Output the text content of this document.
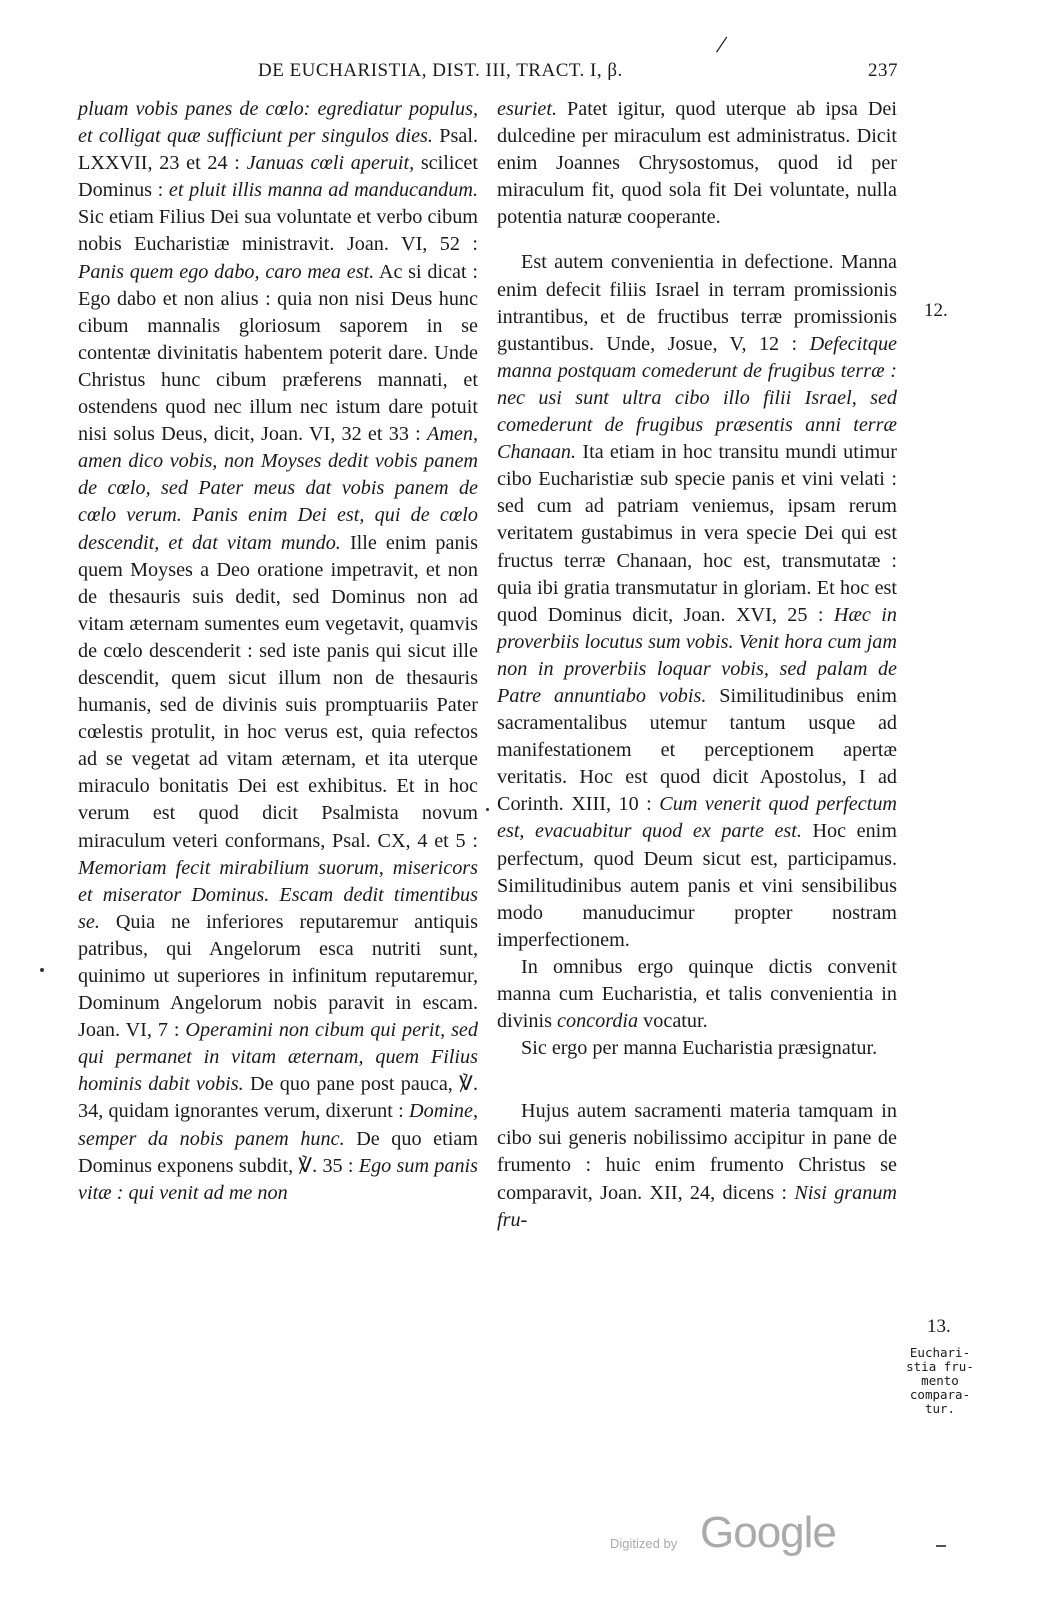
DE EUCHARISTIA, DIST. III, TRACT. I, β.
/
237

pluam vobis panes de cœlo: egrediatur populus, et colligat quæ sufficiunt per singulos dies. Psal. LXXVII, 23 et 24 : Januas cœli aperuit, scilicet Dominus : et pluit illis manna ad manducandum. Sic etiam Filius Dei sua voluntate et verbo cibum nobis Eucharistiæ ministravit. Joan. VI, 52 : Panis quem ego dabo, caro mea est. Ac si dicat : Ego dabo et non alius : quia non nisi Deus hunc cibum mannalis gloriosum saporem in se contentæ divinitatis habentem poterit dare. Unde Christus hunc cibum præferens mannati, et ostendens quod nec illum nec istum dare potuit nisi solus Deus, dicit, Joan. VI, 32 et 33 : Amen, amen dico vobis, non Moyses dedit vobis panem de cœlo, sed Pater meus dat vobis panem de cœlo verum. Panis enim Dei est, qui de cœlo descendit, et dat vitam mundo. Ille enim panis quem Moyses a Deo oratione impetravit, et non de thesauris suis dedit, sed Dominus non ad vitam æternam sumentes eum vegetavit, quamvis de cœlo descenderit : sed iste panis qui sicut ille descendit, quem sicut illum non de thesauris humanis, sed de divinis suis promptuariis Pater cœlestis protulit, in hoc verus est, quia refectos ad se vegetat ad vitam æternam, et ita uterque miraculo bonitatis Dei est exhibitus. Et in hoc verum est quod dicit Psalmista novum miraculum veteri conformans, Psal. CX, 4 et 5 : Memoriam fecit mirabilium suorum, misericors et miserator Dominus. Escam dedit timentibus se. Quia ne inferiores reputaremur antiquis patribus, qui Angelorum esca nutriti sunt, quinimo ut superiores in infinitum reputaremur, Dominum Angelorum nobis paravit in escam. Joan. VI, 7 : Operamini non cibum qui perit, sed qui permanet in vitam æternam, quem Filius hominis dabit vobis. De quo pane post pauca, ℣. 34, quidam ignorantes verum, dixerunt : Domine, semper da nobis panem hunc. De quo etiam Dominus exponens subdit, ℣. 35 : Ego sum panis vitæ : qui venit ad me non

esuriet. Patet igitur, quod uterque ab ipsa Dei dulcedine per miraculum est administratus. Dicit enim Joannes Chrysostomus, quod id per miraculum fit, quod sola fit Dei voluntate, nulla potentia naturæ cooperante.

Est autem convenientia in defectione. Manna enim defecit filiis Israel in terram promissionis intrantibus, et de fructibus terræ promissionis gustantibus. Unde, Josue, V, 12 : Defecitque manna postquam comederunt de frugibus terræ : nec usi sunt ultra cibo illo filii Israel, sed comederunt de frugibus præsentis anni terræ Chanaan. Ita etiam in hoc transitu mundi utimur cibo Eucharistiæ sub specie panis et vini velati : sed cum ad patriam veniemus, ipsam rerum veritatem gustabimus in vera specie Dei qui est fructus terræ Chanaan, hoc est, transmutatæ : quia ibi gratia transmutatur in gloriam. Et hoc est quod Dominus dicit, Joan. XVI, 25 : Hæc in proverbiis locutus sum vobis. Venit hora cum jam non in proverbiis loquar vobis, sed palam de Patre annuntiabo vobis. Similitudinibus enim sacramentalibus utemur tantum usque ad manifestationem et perceptionem apertæ veritatis. Hoc est quod dicit Apostolus, I ad Corinth. XIII, 10 : Cum venerit quod perfectum est, evacuabitur quod ex parte est. Hoc enim perfectum, quod Deum sicut est, participamus. Similitudinibus autem panis et vini sensibilibus modo manuducimur propter nostram imperfectionem.

In omnibus ergo quinque dictis convenit manna cum Eucharistia, et talis convenientia in divinis concordia vocatur.

Sic ergo per manna Eucharistia præsignatur.

Hujus autem sacramenti materia tamquam in cibo sui generis nobilissimo accipitur in pane de frumento : huic enim frumento Christus se comparavit, Joan. XII, 24, dicens : Nisi granum fru-

12.
13.
Euchari-
stia fru-
mento
compara-
tur.
Digitized by Google
